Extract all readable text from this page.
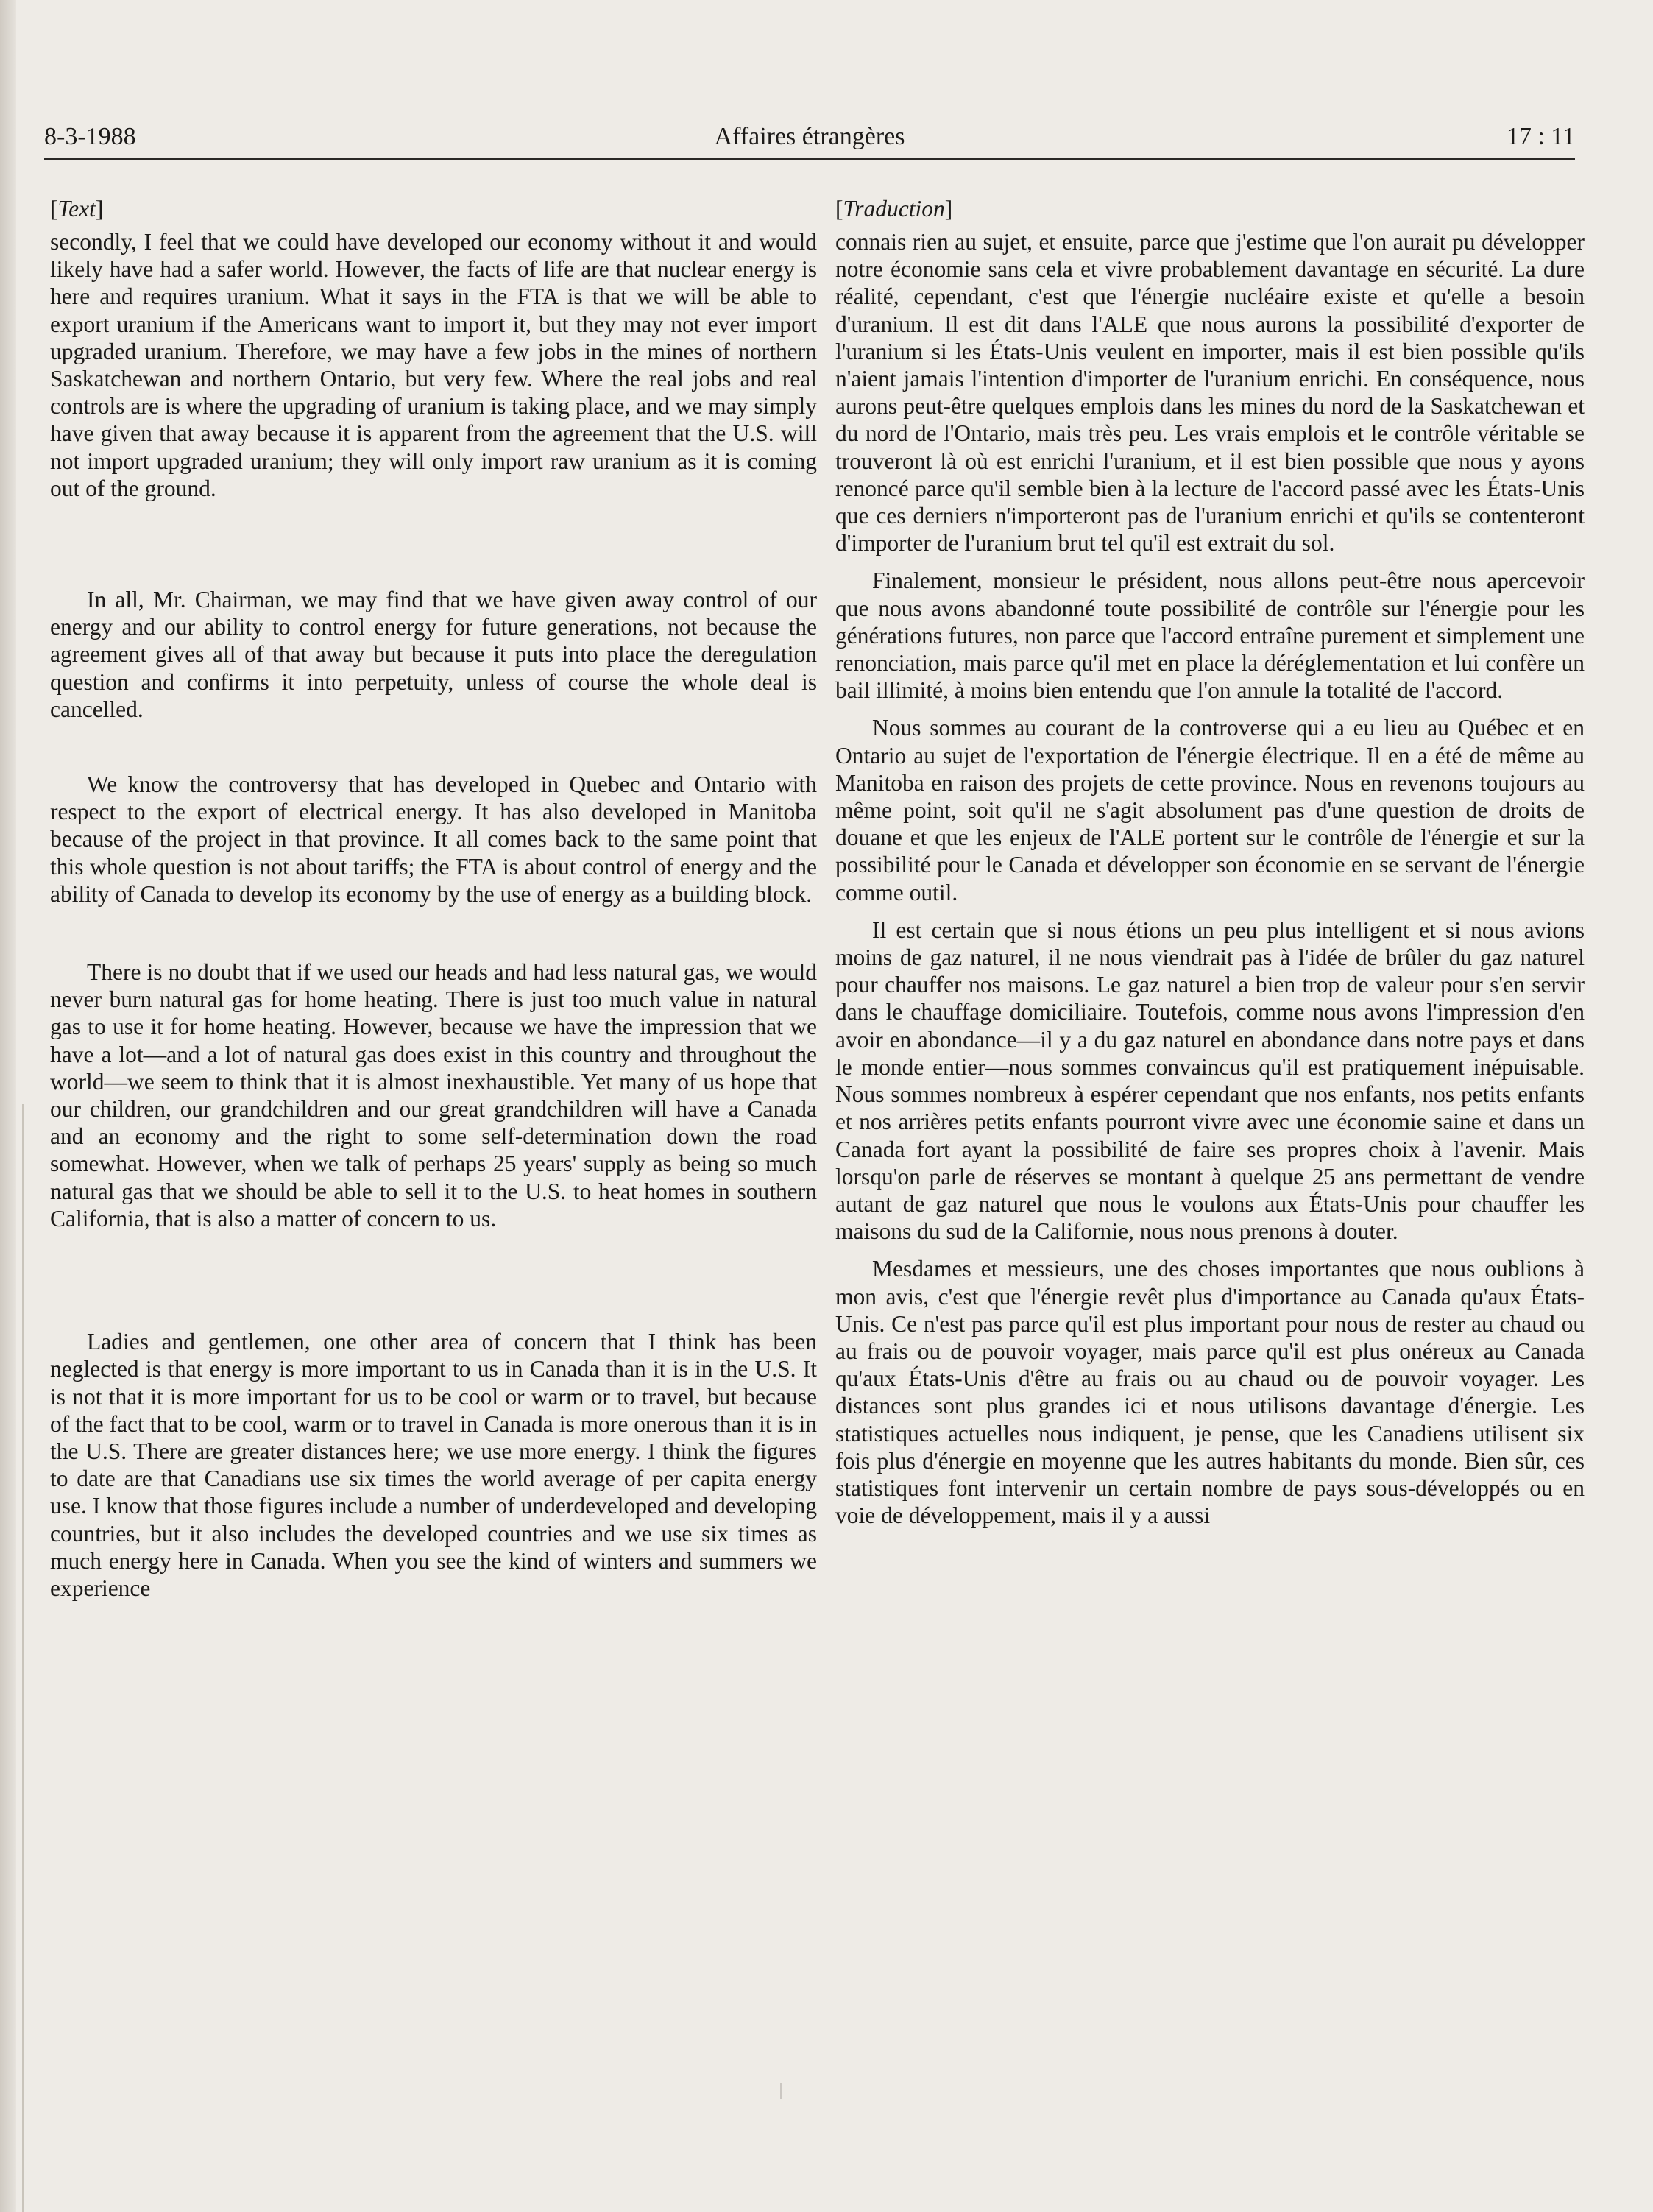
8-3-1988	Affaires étrangères	17 : 11
[Text]

secondly, I feel that we could have developed our economy without it and would likely have had a safer world. However, the facts of life are that nuclear energy is here and requires uranium. What it says in the FTA is that we will be able to export uranium if the Americans want to import it, but they may not ever import upgraded uranium. Therefore, we may have a few jobs in the mines of northern Saskatchewan and northern Ontario, but very few. Where the real jobs and real controls are is where the upgrading of uranium is taking place, and we may simply have given that away because it is apparent from the agreement that the U.S. will not import upgraded uranium; they will only import raw uranium as it is coming out of the ground.

In all, Mr. Chairman, we may find that we have given away control of our energy and our ability to control energy for future generations, not because the agreement gives all of that away but because it puts into place the deregulation question and confirms it into perpetuity, unless of course the whole deal is cancelled.

We know the controversy that has developed in Quebec and Ontario with respect to the export of electrical energy. It has also developed in Manitoba because of the project in that province. It all comes back to the same point that this whole question is not about tariffs; the FTA is about control of energy and the ability of Canada to develop its economy by the use of energy as a building block.

There is no doubt that if we used our heads and had less natural gas, we would never burn natural gas for home heating. There is just too much value in natural gas to use it for home heating. However, because we have the impression that we have a lot—and a lot of natural gas does exist in this country and throughout the world—we seem to think that it is almost inexhaustible. Yet many of us hope that our children, our grandchildren and our great grandchildren will have a Canada and an economy and the right to some self-determination down the road somewhat. However, when we talk of perhaps 25 years' supply as being so much natural gas that we should be able to sell it to the U.S. to heat homes in southern California, that is also a matter of concern to us.

Ladies and gentlemen, one other area of concern that I think has been neglected is that energy is more important to us in Canada than it is in the U.S. It is not that it is more important for us to be cool or warm or to travel, but because of the fact that to be cool, warm or to travel in Canada is more onerous than it is in the U.S. There are greater distances here; we use more energy. I think the figures to date are that Canadians use six times the world average of per capita energy use. I know that those figures include a number of underdeveloped and developing countries, but it also includes the developed countries and we use six times as much energy here in Canada. When you see the kind of winters and summers we experience

[Traduction]

connais rien au sujet, et ensuite, parce que j'estime que l'on aurait pu développer notre économie sans cela et vivre probablement davantage en sécurité. La dure réalité, cependant, c'est que l'énergie nucléaire existe et qu'elle a besoin d'uranium. Il est dit dans l'ALE que nous aurons la possibilité d'exporter de l'uranium si les États-Unis veulent en importer, mais il est bien possible qu'ils n'aient jamais l'intention d'importer de l'uranium enrichi. En conséquence, nous aurons peut-être quelques emplois dans les mines du nord de la Saskatchewan et du nord de l'Ontario, mais très peu. Les vrais emplois et le contrôle véritable se trouveront là où est enrichi l'uranium, et il est bien possible que nous y ayons renoncé parce qu'il semble bien à la lecture de l'accord passé avec les États-Unis que ces derniers n'importeront pas de l'uranium enrichi et qu'ils se contenteront d'importer de l'uranium brut tel qu'il est extrait du sol.

Finalement, monsieur le président, nous allons peut-être nous apercevoir que nous avons abandonné toute possibilité de contrôle sur l'énergie pour les générations futures, non parce que l'accord entraîne purement et simplement une renonciation, mais parce qu'il met en place la déréglementation et lui confère un bail illimité, à moins bien entendu que l'on annule la totalité de l'accord.

Nous sommes au courant de la controverse qui a eu lieu au Québec et en Ontario au sujet de l'exportation de l'énergie électrique. Il en a été de même au Manitoba en raison des projets de cette province. Nous en revenons toujours au même point, soit qu'il ne s'agit absolument pas d'une question de droits de douane et que les enjeux de l'ALE portent sur le contrôle de l'énergie et sur la possibilité pour le Canada et développer son économie en se servant de l'énergie comme outil.

Il est certain que si nous étions un peu plus intelligent et si nous avions moins de gaz naturel, il ne nous viendrait pas à l'idée de brûler du gaz naturel pour chauffer nos maisons. Le gaz naturel a bien trop de valeur pour s'en servir dans le chauffage domiciliaire. Toutefois, comme nous avons l'impression d'en avoir en abondance—il y a du gaz naturel en abondance dans notre pays et dans le monde entier—nous sommes convaincus qu'il est pratiquement inépuisable. Nous sommes nombreux à espérer cependant que nos enfants, nos petits enfants et nos arrières petits enfants pourront vivre avec une économie saine et dans un Canada fort ayant la possibilité de faire ses propres choix à l'avenir. Mais lorsqu'on parle de réserves se montant à quelque 25 ans permettant de vendre autant de gaz naturel que nous le voulons aux États-Unis pour chauffer les maisons du sud de la Californie, nous nous prenons à douter.

Mesdames et messieurs, une des choses importantes que nous oublions à mon avis, c'est que l'énergie revêt plus d'importance au Canada qu'aux États-Unis. Ce n'est pas parce qu'il est plus important pour nous de rester au chaud ou au frais ou de pouvoir voyager, mais parce qu'il est plus onéreux au Canada qu'aux États-Unis d'être au frais ou au chaud ou de pouvoir voyager. Les distances sont plus grandes ici et nous utilisons davantage d'énergie. Les statistiques actuelles nous indiquent, je pense, que les Canadiens utilisent six fois plus d'énergie en moyenne que les autres habitants du monde. Bien sûr, ces statistiques font intervenir un certain nombre de pays sous-développés ou en voie de développement, mais il y a aussi
